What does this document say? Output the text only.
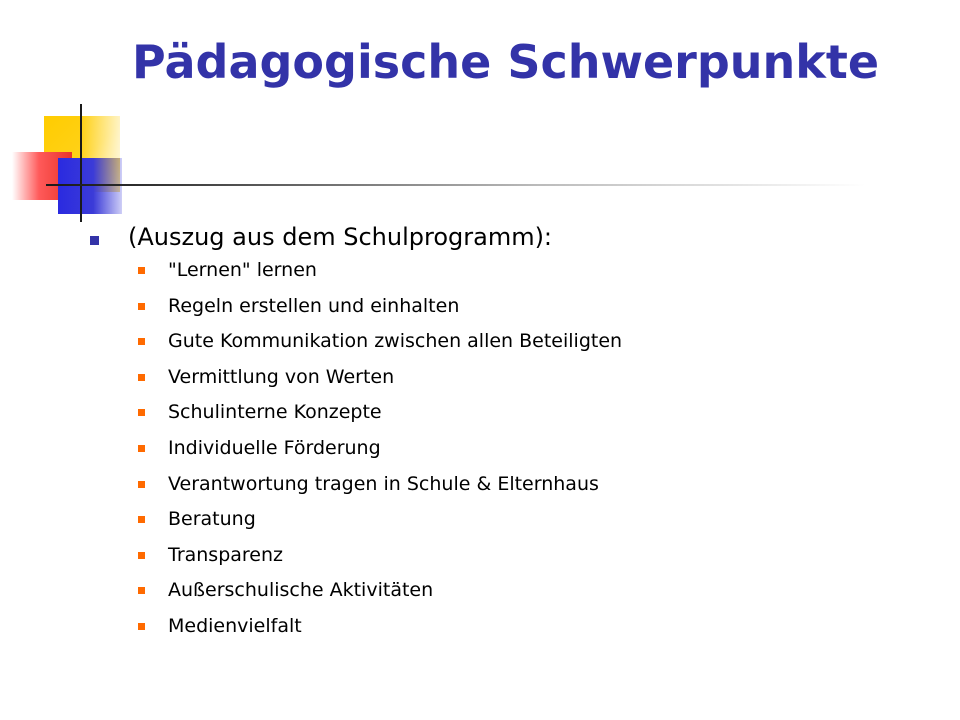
Pädagogische Schwerpunkte
(Auszug aus dem Schulprogramm):
"Lernen" lernen
Regeln erstellen und einhalten
Gute Kommunikation zwischen allen Beteiligten
Vermittlung von Werten
Schulinterne Konzepte
Individuelle Förderung
Verantwortung tragen in Schule & Elternhaus
Beratung
Transparenz
Außerschulische Aktivitäten
Medienvielfalt
